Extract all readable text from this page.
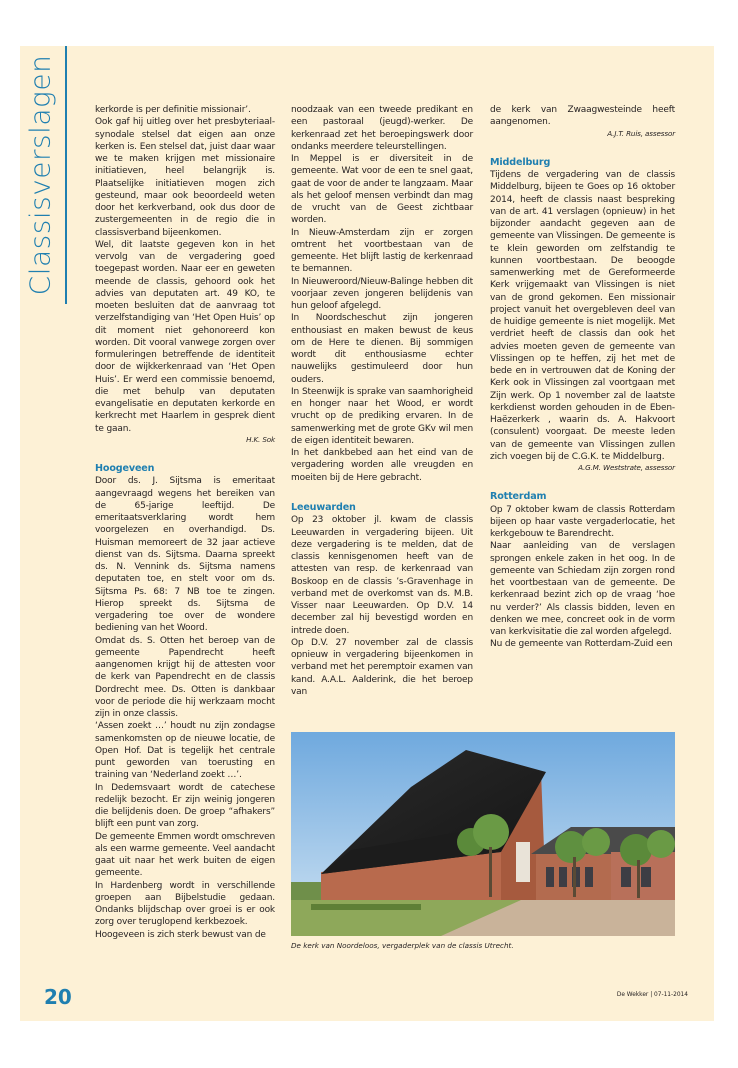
Classisverslagen	kerkorde is per definitie missionair’.

Ook gaf hij uitleg over het presbyteriaal-synodale stelsel dat eigen aan onze kerken is. Een stelsel dat, juist daar waar we te maken krijgen met missionaire initiatieven, heel belangrijk is. Plaatselijke initiatieven mogen zich gesteund, maar ook beoordeeld weten door het kerkverband, ook dus door de zustergemeenten in de regio die in classisverband bijeenkomen.

Wel, dit laatste gegeven kon in het vervolg van de vergadering goed toegepast worden. Naar eer en geweten meende de classis, gehoord ook het advies van deputaten art. 49 KO, te moeten besluiten dat de aanvraag tot verzelfstandiging van ‘Het Open Huis’ op dit moment niet gehonoreerd kon worden. Dit vooral vanwege zorgen over formuleringen betreffende de identiteit door de wijkkerkenraad van ‘Het Open Huis’. Er werd een commissie benoemd, die met behulp van deputaten evangelisatie en deputaten kerkorde en kerkrecht met Haarlem in gesprek dient te gaan.

H.K. Sok

Hoogeveen

Door ds. J. Sijtsma is emeritaat aangevraagd wegens het bereiken van de 65-jarige leeftijd. De emeritaatsverklaring wordt hem voorgelezen en overhandigd. Ds. Huisman memoreert de 32 jaar actieve dienst van ds. Sijtsma. Daarna spreekt ds. N. Vennink ds. Sijtsma namens deputaten toe, en stelt voor om ds. Sijtsma Ps. 68: 7 NB toe te zingen. Hierop spreekt ds. Sijtsma de vergadering toe over de wondere bediening van het Woord.

Omdat ds. S. Otten het beroep van de gemeente Papendrecht heeft aangenomen krijgt hij de attesten voor de kerk van Papendrecht en de classis Dordrecht mee. Ds. Otten is dankbaar voor de periode die hij werkzaam mocht zijn in onze classis.

‘Assen zoekt …’ houdt nu zijn zondagse samenkomsten op de nieuwe locatie, de Open Hof. Dat is tegelijk het centrale punt geworden van toerusting en training van ‘Nederland zoekt …’.

In Dedemsvaart wordt de catechese redelijk bezocht. Er zijn weinig jongeren die belijdenis doen. De groep “afhakers” blijft een punt van zorg.

De gemeente Emmen wordt omschreven als een warme gemeente. Veel aandacht gaat uit naar het werk buiten de eigen gemeente.

In Hardenberg wordt in verschillende groepen aan Bijbelstudie gedaan. Ondanks blijdschap over groei is er ook zorg over teruglopend kerkbezoek.

Hoogeveen is zich sterk bewust van de

noodzaak van een tweede predikant en een pastoraal (jeugd)-werker. De kerkenraad zet het beroepingswerk door ondanks meerdere teleurstellingen.

In Meppel is er diversiteit in de gemeente. Wat voor de een te snel gaat, gaat de voor de ander te langzaam. Maar als het geloof mensen verbindt dan mag de vrucht van de Geest zichtbaar worden.

In Nieuw-Amsterdam zijn er zorgen omtrent het voortbestaan van de gemeente. Het blijft lastig de kerkenraad te bemannen.

In Nieuweroord/Nieuw-Balinge hebben dit voorjaar zeven jongeren belijdenis van hun geloof afgelegd.

In Noordscheschut zijn jongeren enthousiast en maken bewust de keus om de Here te dienen. Bij sommigen wordt dit enthousiasme echter nauwelijks gestimuleerd door hun ouders.

In Steenwijk is sprake van saamhorigheid en honger naar het Wood, er wordt vrucht op de prediking ervaren. In de samenwerking met de grote GKv wil men de eigen identiteit bewaren.

In het dankbebed aan het eind van de vergadering worden alle vreugden en moeiten bij de Here gebracht.

Leeuwarden

Op 23 oktober jl. kwam de classis Leeuwarden in vergadering bijeen. Uit deze vergadering is te melden, dat de classis kennisgenomen heeft van de attesten van resp. de kerkenraad van Boskoop en de classis ’s-Gravenhage in verband met de overkomst van ds. M.B. Visser naar Leeuwarden. Op D.V. 14 december zal hij bevestigd worden en intrede doen.

Op D.V. 27 november zal de classis opnieuw in vergadering bijeenkomen in verband met het peremptoir examen van kand. A.A.L. Aalderink, die het beroep van

de kerk van Zwaagwesteinde heeft aangenomen.

A.J.T. Ruis, assessor

Middelburg

Tijdens de vergadering van de classis Middelburg, bijeen te Goes op 16 oktober 2014, heeft de classis naast bespreking van de art. 41 verslagen (opnieuw) in het bijzonder aandacht gegeven aan de gemeente van Vlissingen. De gemeente is te klein geworden om zelfstandig te kunnen voortbestaan. De beoogde samenwerking met de Gereformeerde Kerk vrijgemaakt van Vlissingen is niet van de grond gekomen. Een missionair project vanuit het overgebleven deel van de huidige gemeente is niet mogelijk. Met verdriet heeft de classis dan ook het advies moeten geven de gemeente van Vlissingen op te heffen, zij het met de bede en in vertrouwen dat de Koning der Kerk ook in Vlissingen zal voortgaan met Zijn werk. Op 1 november zal de laatste kerkdienst worden gehouden in de Eben-Haëzerkerk , waarin ds. A. Hakvoort (consulent) voorgaat. De meeste leden van de gemeente van Vlissingen zullen zich voegen bij de C.G.K. te Middelburg.

A.G.M. Weststrate, assessor

Rotterdam

Op 7 oktober kwam de classis Rotterdam bijeen op haar vaste vergaderlocatie, het kerkgebouw te Barendrecht.

Naar aanleiding van de verslagen sprongen enkele zaken in het oog. In de gemeente van Schiedam zijn zorgen rond het voortbestaan van de gemeente. De kerkenraad bezint zich op de vraag ‘hoe nu verder?’ Als classis bidden, leven en denken we mee, concreet ook in de vorm van kerkvisitatie die zal worden afgelegd.

Nu de gemeente van Rotterdam-Zuid een

De kerk van Noordeloos, vergaderplek van de classis Utrecht.
20	De Wekker | 07-11-2014
